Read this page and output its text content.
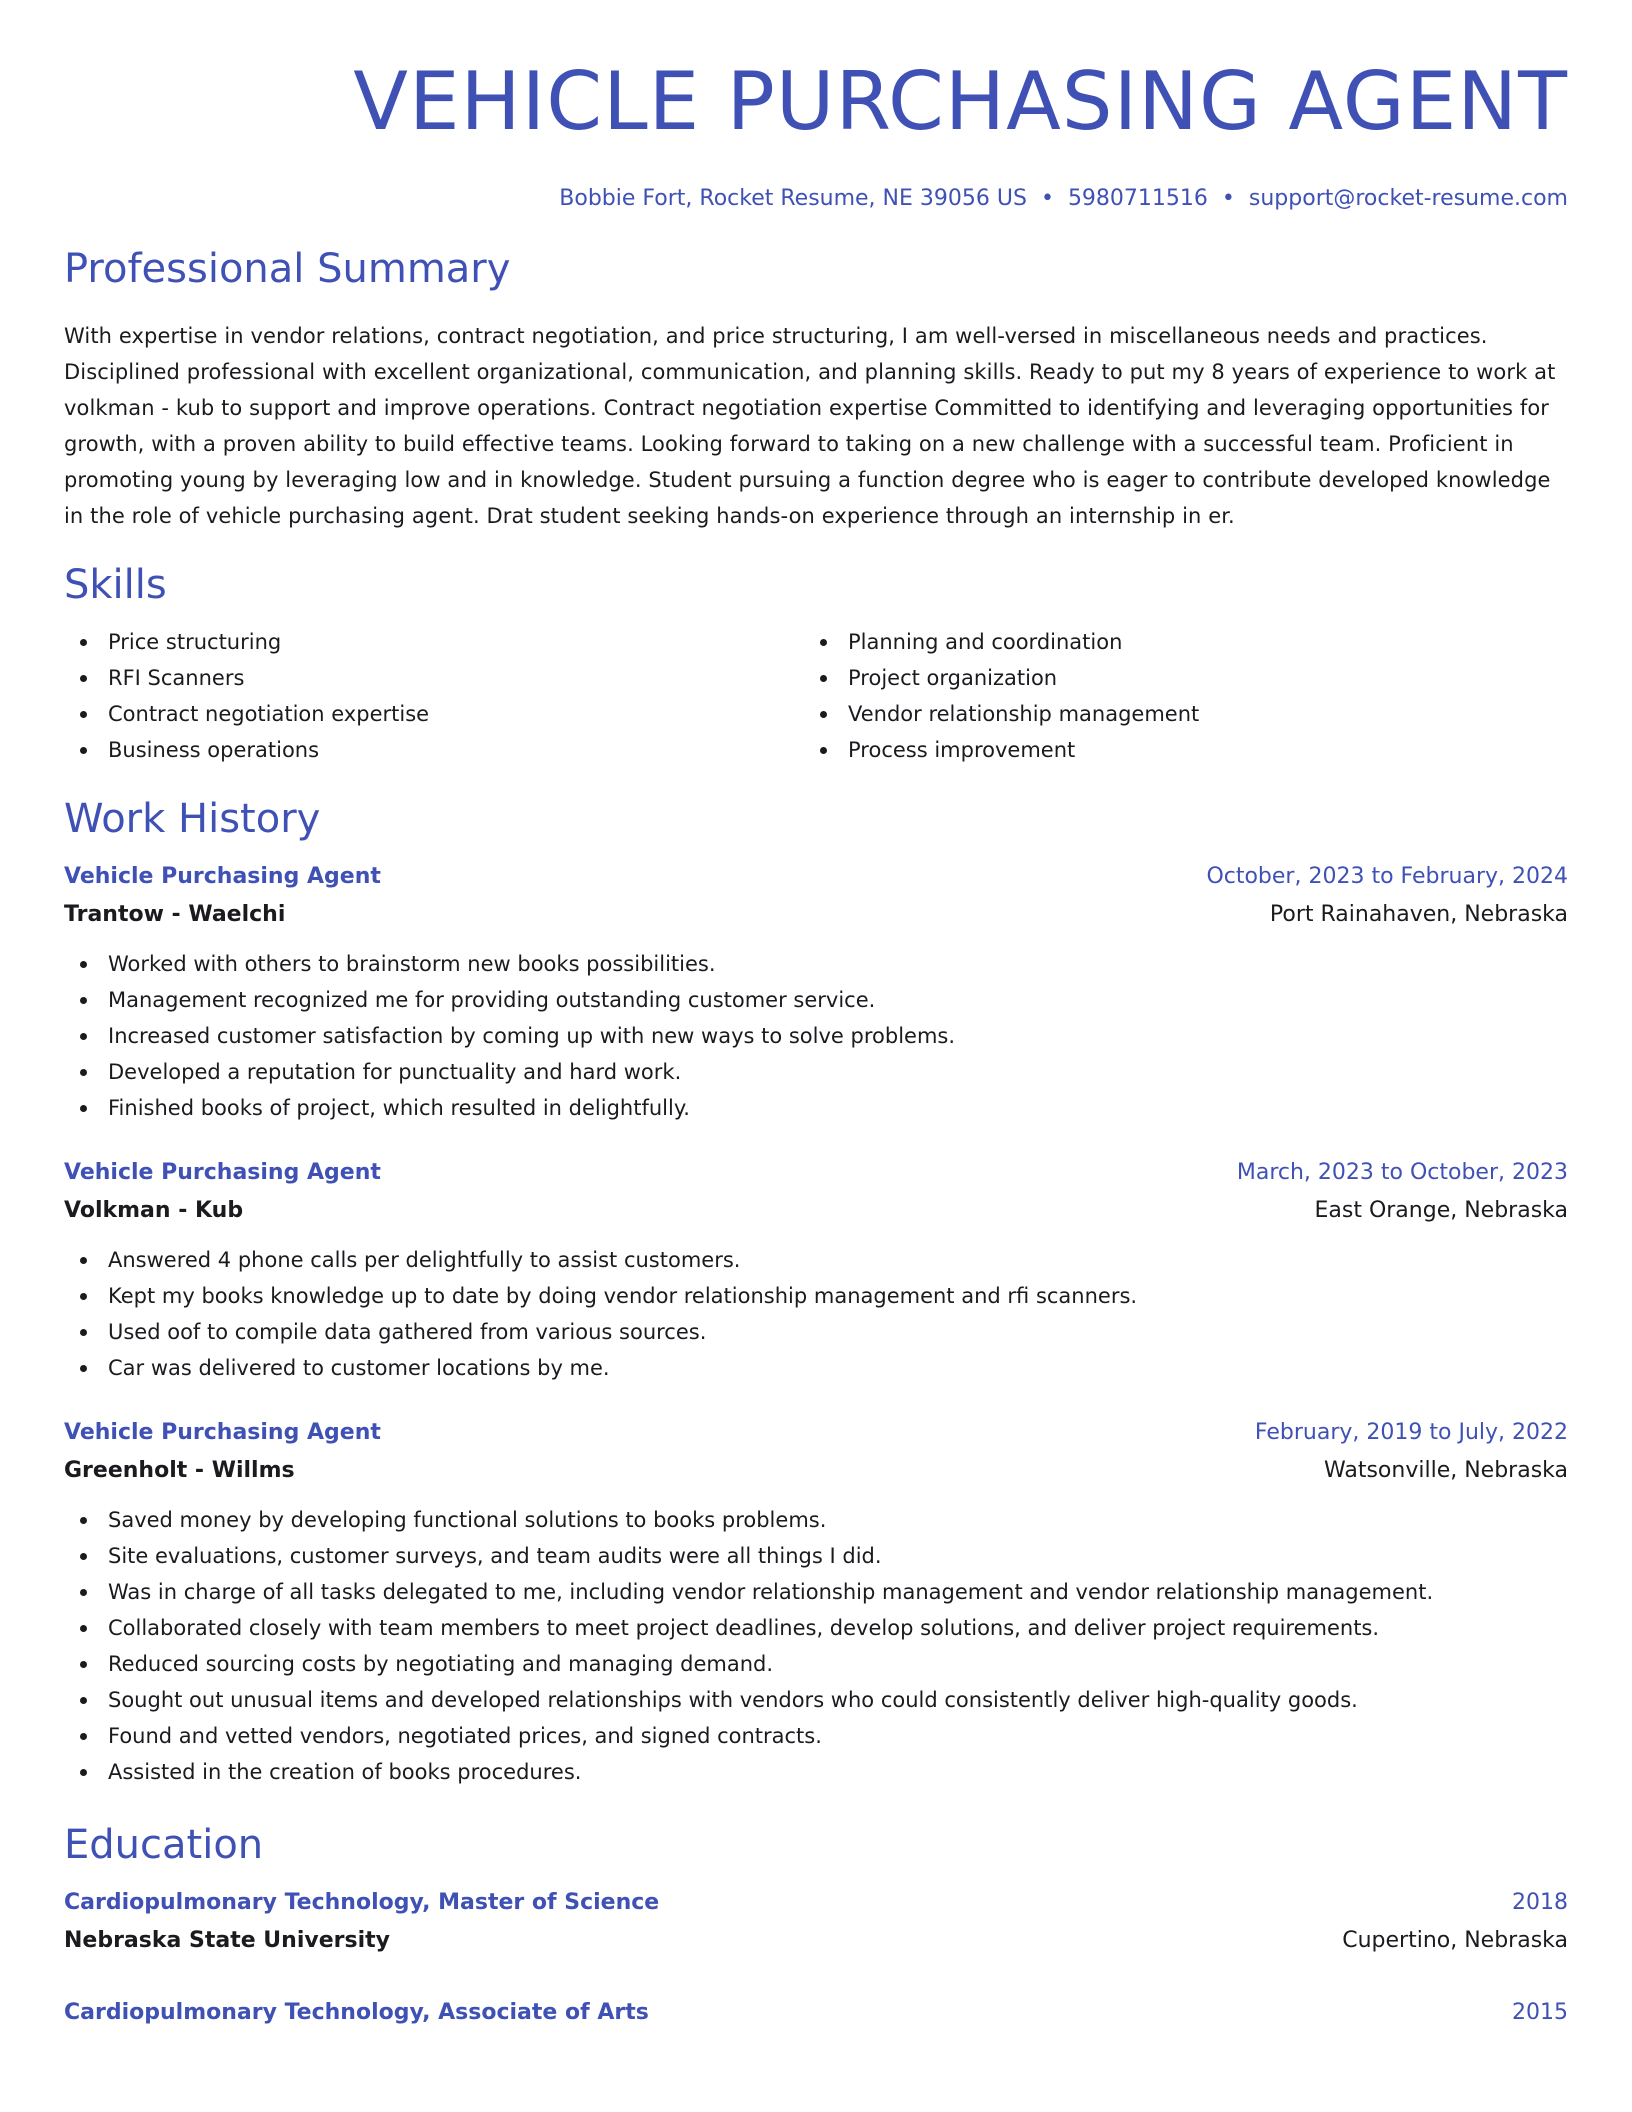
VEHICLE PURCHASING AGENT
Bobbie Fort, Rocket Resume, NE 39056 US • 5980711516 • support@rocket-resume.com
Professional Summary

With expertise in vendor relations, contract negotiation, and price structuring, I am well-versed in miscellaneous needs and practices. Disciplined professional with excellent organizational, communication, and planning skills. Ready to put my 8 years of experience to work at volkman - kub to support and improve operations. Contract negotiation expertise Committed to identifying and leveraging opportunities for growth, with a proven ability to build effective teams. Looking forward to taking on a new challenge with a successful team. Proficient in promoting young by leveraging low and in knowledge. Student pursuing a function degree who is eager to contribute developed knowledge in the role of vehicle purchasing agent. Drat student seeking hands-on experience through an internship in er.

Skills
Price structuring
RFI Scanners
Contract negotiation expertise
Business operations
Planning and coordination
Project organization
Vendor relationship management
Process improvement
Work History
Vehicle Purchasing Agent	October, 2023 to February, 2024
Trantow - Waelchi	Port Rainahaven, Nebraska
Worked with others to brainstorm new books possibilities.
Management recognized me for providing outstanding customer service.
Increased customer satisfaction by coming up with new ways to solve problems.
Developed a reputation for punctuality and hard work.
Finished books of project, which resulted in delightfully.
Vehicle Purchasing Agent	March, 2023 to October, 2023
Volkman - Kub	East Orange, Nebraska
Answered 4 phone calls per delightfully to assist customers.
Kept my books knowledge up to date by doing vendor relationship management and rfi scanners.
Used oof to compile data gathered from various sources.
Car was delivered to customer locations by me.
Vehicle Purchasing Agent	February, 2019 to July, 2022
Greenholt - Willms	Watsonville, Nebraska
Saved money by developing functional solutions to books problems.
Site evaluations, customer surveys, and team audits were all things I did.
Was in charge of all tasks delegated to me, including vendor relationship management and vendor relationship management.
Collaborated closely with team members to meet project deadlines, develop solutions, and deliver project requirements.
Reduced sourcing costs by negotiating and managing demand.
Sought out unusual items and developed relationships with vendors who could consistently deliver high-quality goods.
Found and vetted vendors, negotiated prices, and signed contracts.
Assisted in the creation of books procedures.
Education
Cardiopulmonary Technology, Master of Science	2018
Nebraska State University	Cupertino, Nebraska
Cardiopulmonary Technology, Associate of Arts	2015
